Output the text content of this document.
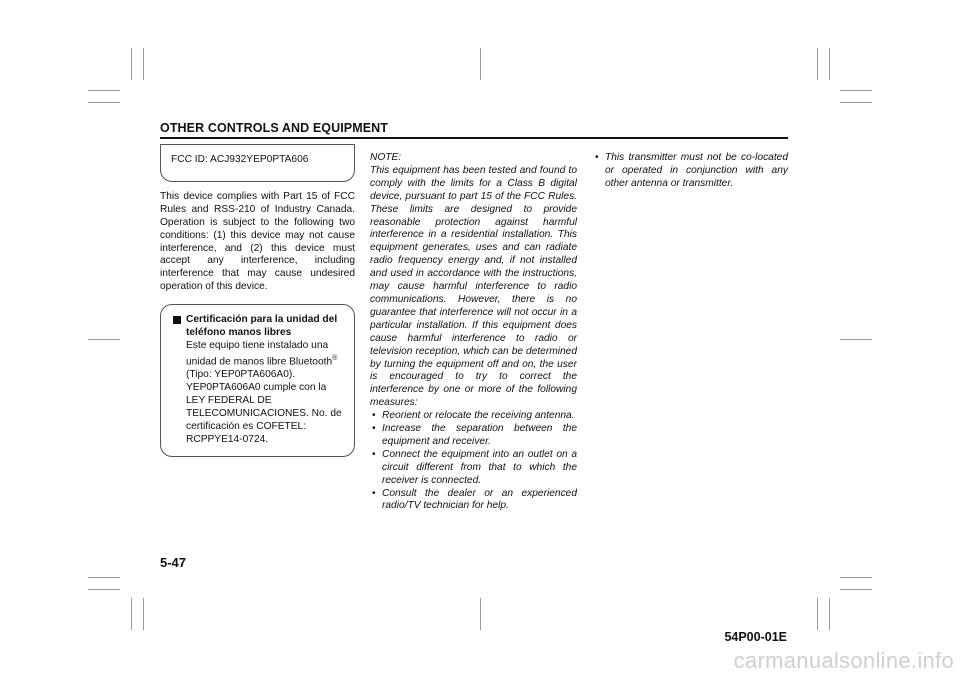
OTHER CONTROLS AND EQUIPMENT
FCC ID: ACJ932YEP0PTA606
This device complies with Part 15 of FCC Rules and RSS-210 of Industry Canada. Operation is subject to the following two conditions: (1) this device may not cause interference, and (2) this device must accept any interference, including interference that may cause undesired operation of this device.
Certificación para la unidad del teléfono manos libres
Este equipo tiene instalado una unidad de manos libre Bluetooth®
(Tipo: YEP0PTA606A0). YEP0PTA606A0 cumple con la LEY FEDERAL DE TELECOMUNICACIONES. No. de certificación es COFETEL: RCPPYE14-0724.
NOTE:
This equipment has been tested and found to comply with the limits for a Class B digital device, pursuant to part 15 of the FCC Rules. These limits are designed to provide reasonable protection against harmful interference in a residential installation. This equipment generates, uses and can radiate radio frequency energy and, if not installed and used in accordance with the instructions, may cause harmful interference to radio communications. However, there is no guarantee that interference will not occur in a particular installation. If this equipment does cause harmful interference to radio or television reception, which can be determined by turning the equipment off and on, the user is encouraged to try to correct the interference by one or more of the following measures:
• Reorient or relocate the receiving antenna.
• Increase the separation between the equipment and receiver.
• Connect the equipment into an outlet on a circuit different from that to which the receiver is connected.
• Consult the dealer or an experienced radio/TV technician for help.
• This transmitter must not be co-located or operated in conjunction with any other antenna or transmitter.
5-47
54P00-01E
carmanualsonline.info
